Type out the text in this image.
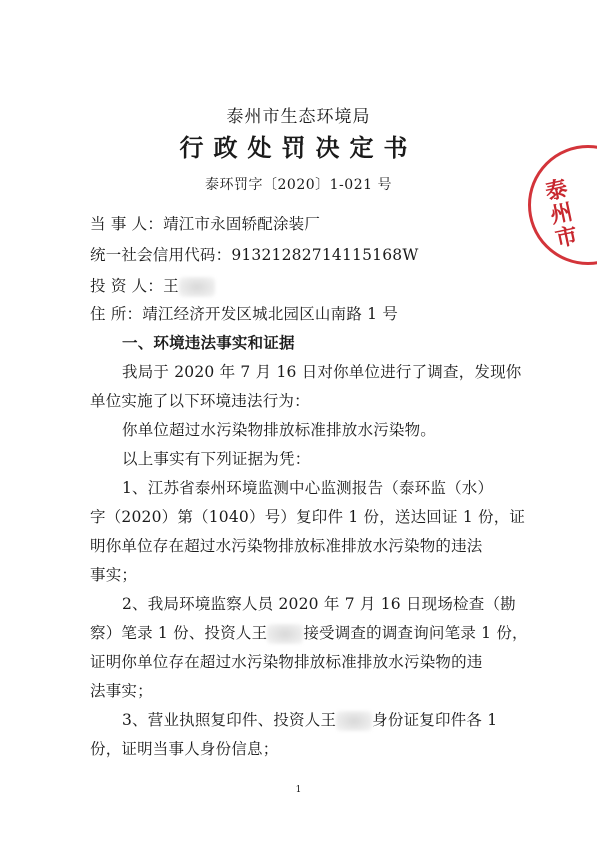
泰州市生态环境局
行政处罚决定书
泰环罚字〔2020〕1-021 号	泰州市
当 事 人：靖江市永固轿配涂装厂
统一社会信用代码：91321282714115168W
投 资 人：王
住 所：靖江经济开发区城北园区山南路 1 号
一、环境违法事实和证据
我局于 2020 年 7 月 16 日对你单位进行了调查，发现你
单位实施了以下环境违法行为：
你单位超过水污染物排放标准排放水污染物。
以上事实有下列证据为凭：
1、江苏省泰州环境监测中心监测报告（泰环监（水）
字（2020）第（1040）号）复印件 1 份，送达回证 1 份，证
明你单位存在超过水污染物排放标准排放水污染物的违法
事实；
2、我局环境监察人员 2020 年 7 月 16 日现场检查（勘
察）笔录 1 份、投资人王 接受调查的调查询问笔录 1 份，
证明你单位存在超过水污染物排放标准排放水污染物的违
法事实；
3、营业执照复印件、投资人王 身份证复印件各 1
份，证明当事人身份信息；
1
